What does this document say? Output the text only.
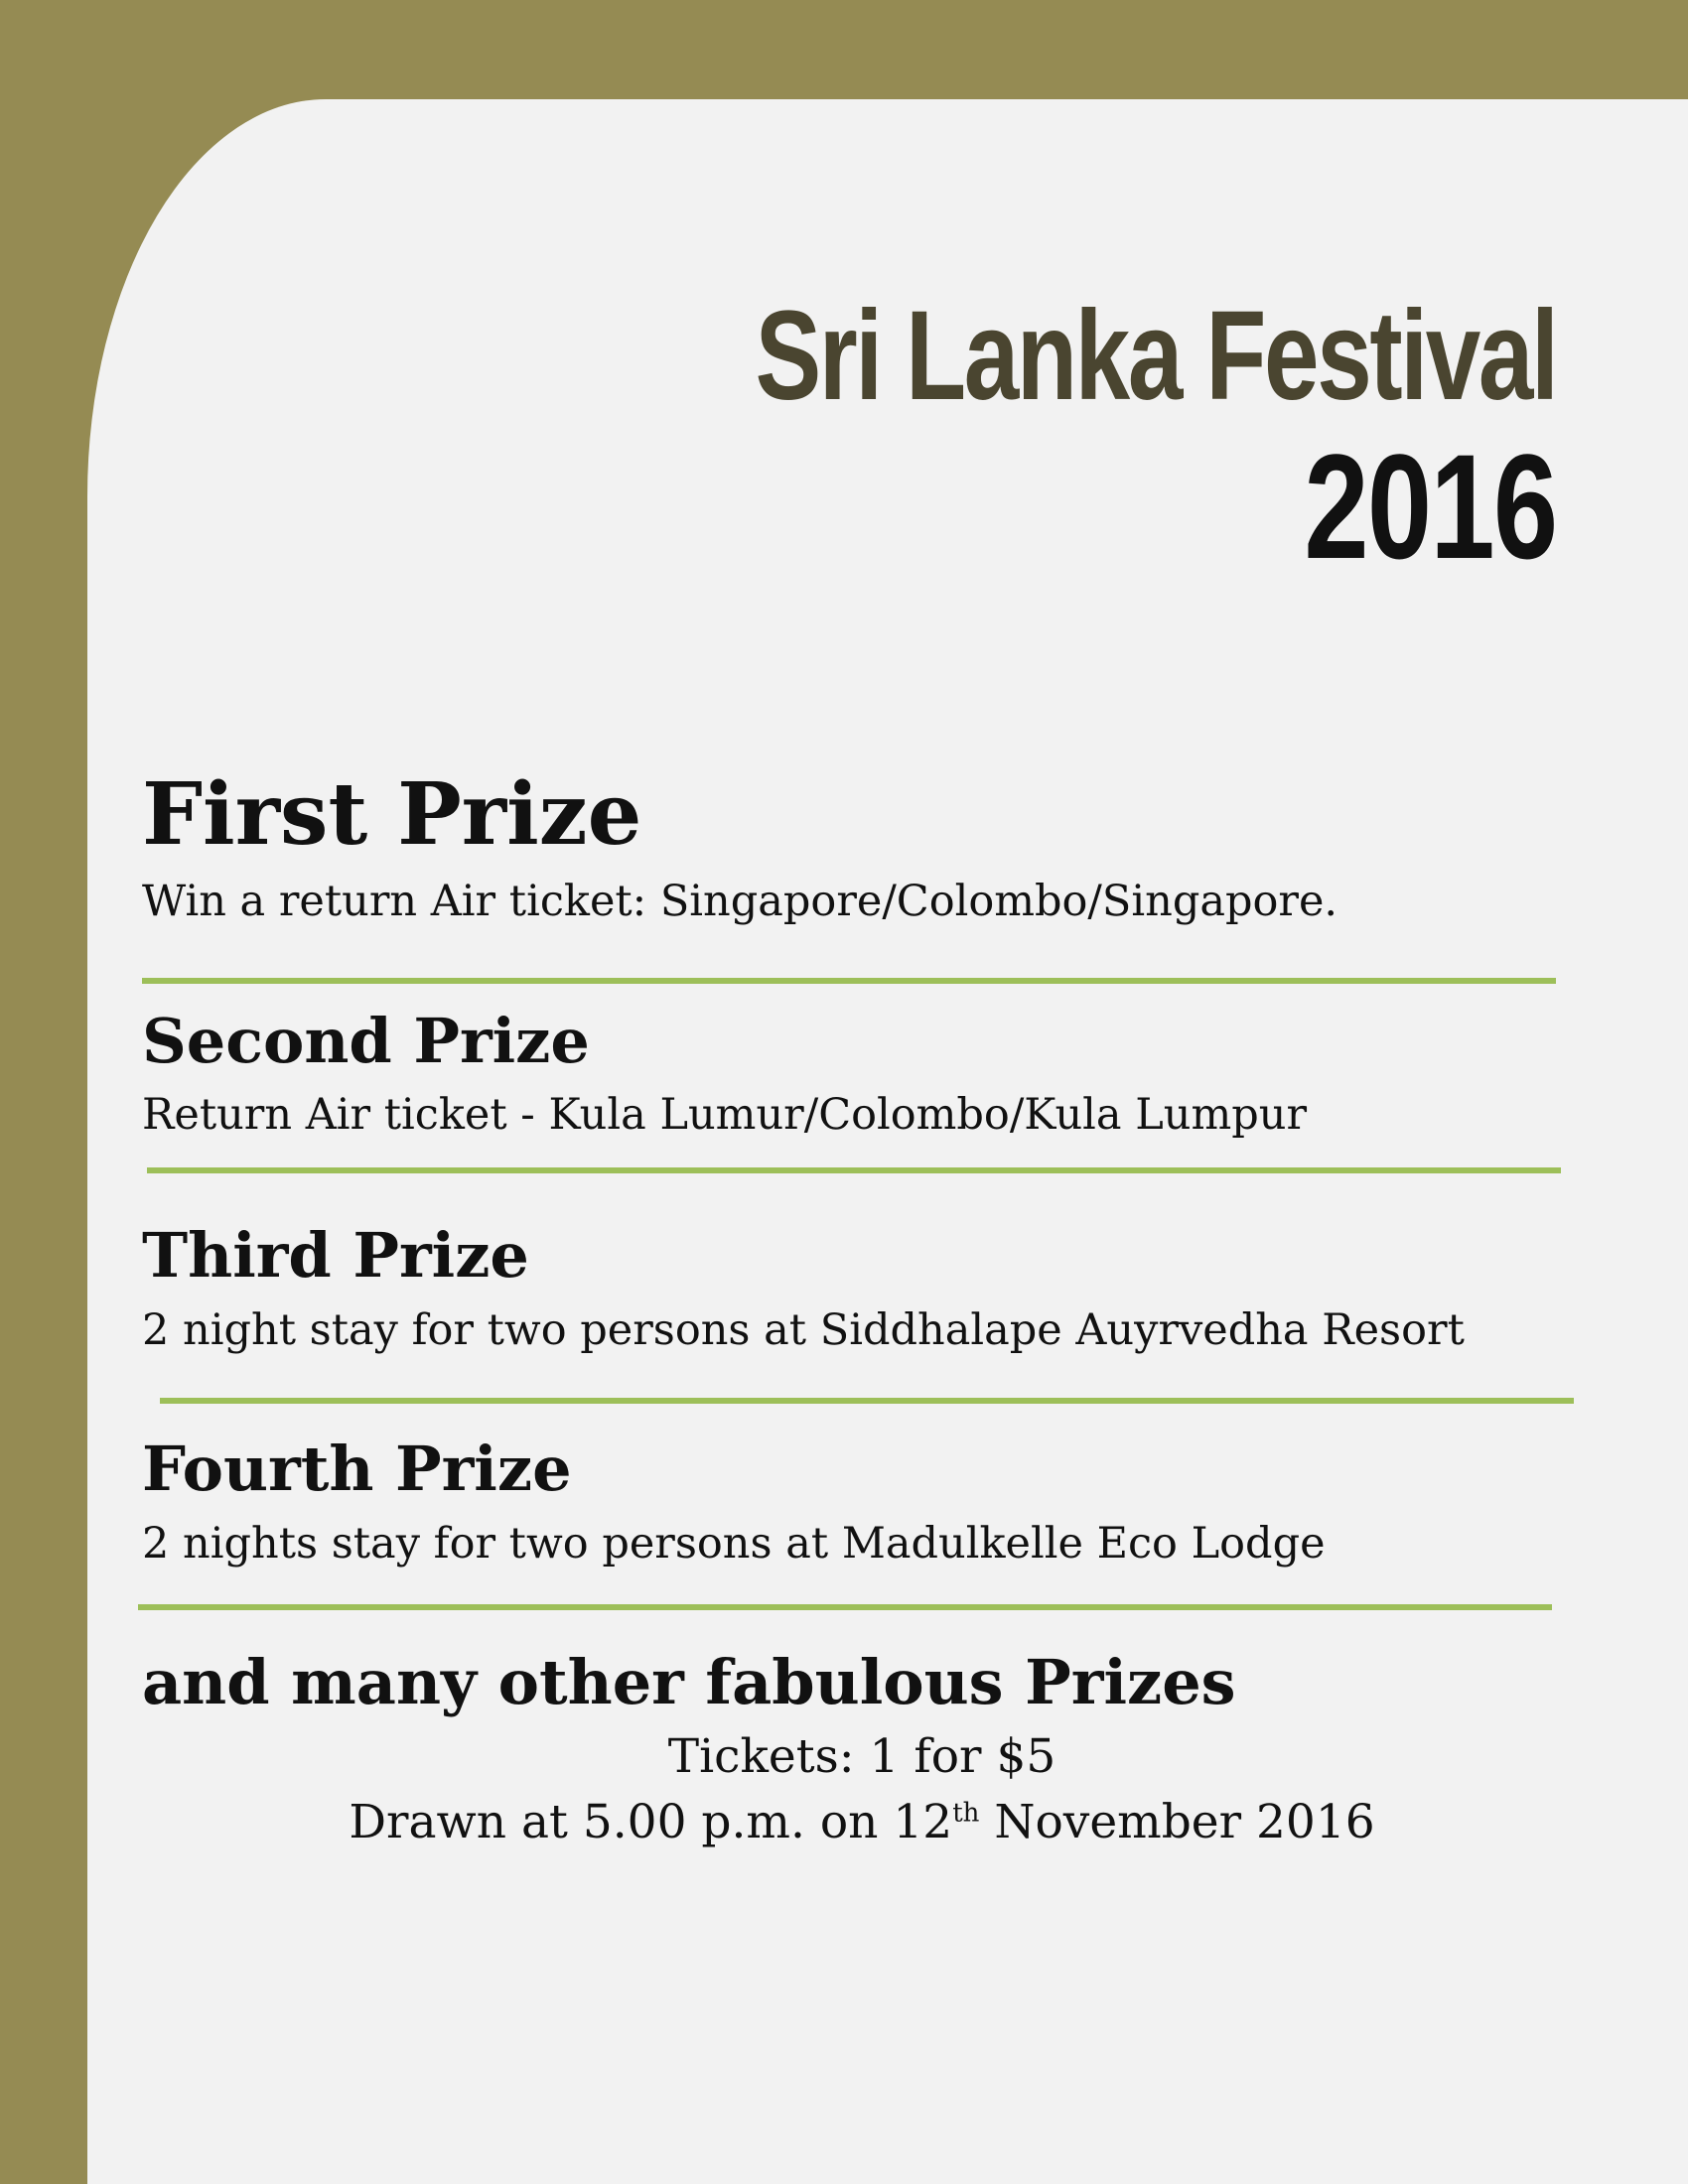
Sri Lanka Festival
2016
First Prize
Win a return Air ticket: Singapore/Colombo/Singapore.
Second Prize
Return Air ticket - Kula Lumur/Colombo/Kula Lumpur
Third Prize
2 night stay for two persons at Siddhalape Auyrvedha Resort
Fourth Prize
2 nights stay for two persons at Madulkelle Eco Lodge
and many other fabulous Prizes
Tickets: 1 for $5
Drawn at 5.00 p.m. on 12th November 2016
